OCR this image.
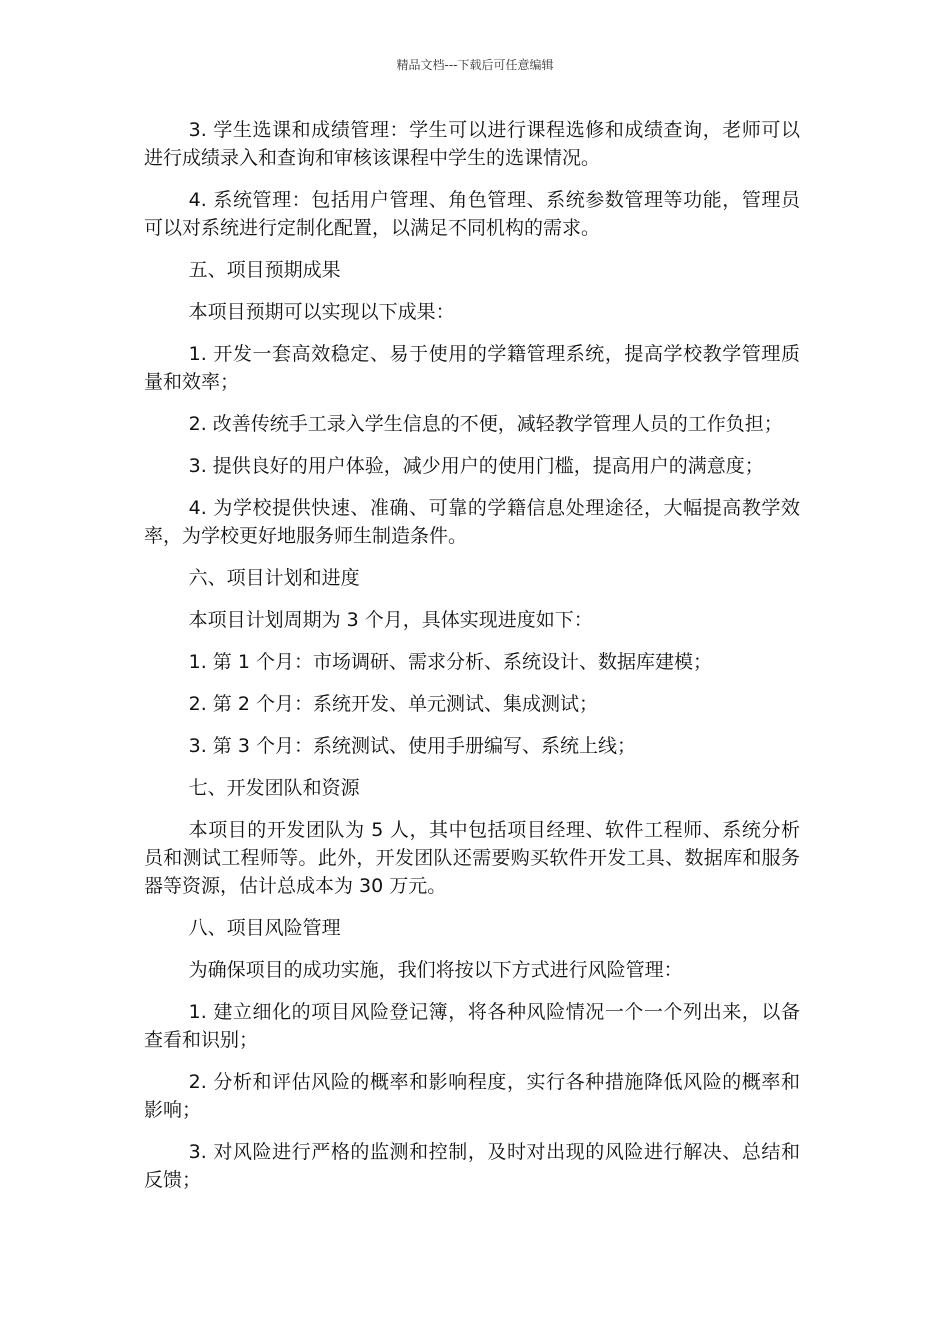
精品文档---下载后可任意编辑

3. 学生选课和成绩管理：学生可以进行课程选修和成绩查询，老师可以进行成绩录入和查询和审核该课程中学生的选课情况。

4. 系统管理：包括用户管理、角色管理、系统参数管理等功能，管理员可以对系统进行定制化配置，以满足不同机构的需求。

五、项目预期成果

本项目预期可以实现以下成果：

1. 开发一套高效稳定、易于使用的学籍管理系统，提高学校教学管理质量和效率；

2. 改善传统手工录入学生信息的不便，减轻教学管理人员的工作负担；

3. 提供良好的用户体验，减少用户的使用门槛，提高用户的满意度；

4. 为学校提供快速、准确、可靠的学籍信息处理途径，大幅提高教学效率，为学校更好地服务师生制造条件。

六、项目计划和进度

本项目计划周期为 3 个月，具体实现进度如下：

1. 第 1 个月：市场调研、需求分析、系统设计、数据库建模；

2. 第 2 个月：系统开发、单元测试、集成测试；

3. 第 3 个月：系统测试、使用手册编写、系统上线；

七、开发团队和资源

本项目的开发团队为 5 人，其中包括项目经理、软件工程师、系统分析员和测试工程师等。此外，开发团队还需要购买软件开发工具、数据库和服务器等资源，估计总成本为 30 万元。

八、项目风险管理

为确保项目的成功实施，我们将按以下方式进行风险管理：

1. 建立细化的项目风险登记簿，将各种风险情况一个一个列出来，以备查看和识别；

2. 分析和评估风险的概率和影响程度，实行各种措施降低风险的概率和影响；

3. 对风险进行严格的监测和控制，及时对出现的风险进行解决、总结和反馈；
